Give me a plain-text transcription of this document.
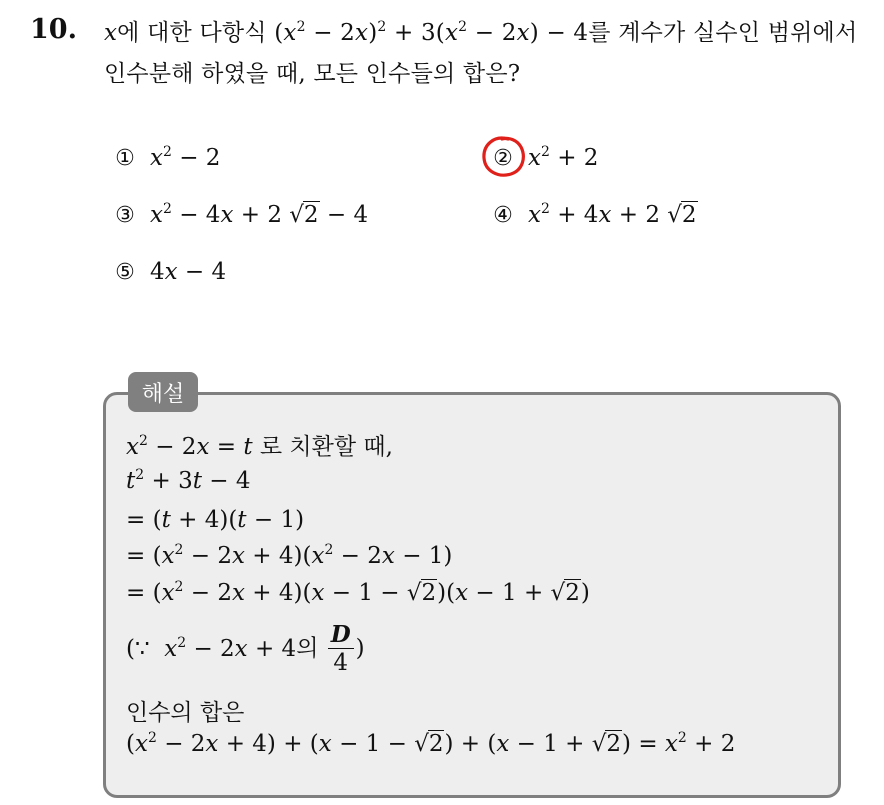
10. x에 대한 다항식 $(x^2 - 2x)^2 + 3(x^2 - 2x) - 4$를 계수가 실수인 범위에서
인수분해 하였을 때, 모든 인수들의 합은?
① $x^2 - 2$	② $x^2 + 2$
③ $x^2 - 4x + 2$ √2 − 4	④ $x^2 + 4x + 2$ √2
⑤ 4x − 4
해설
$x^2 - 2x = t$ 로 치환할 때,
$t^2 + 3t - 4$
= (t + 4)(t − 1)
= $(x^2 - 2x + 4)(x^2 - 2x - 1)$
= $(x^2 - 2x + 4)(x - 1 - √2)(x - 1 + √2)$
(∵  $x^2 - 2x + 4$의 $\frac{D}{4}$ )
인수의 합은
$(x^2 - 2x + 4) + (x - 1 - √2) + (x - 1 + √2) = x^2 + 2$
